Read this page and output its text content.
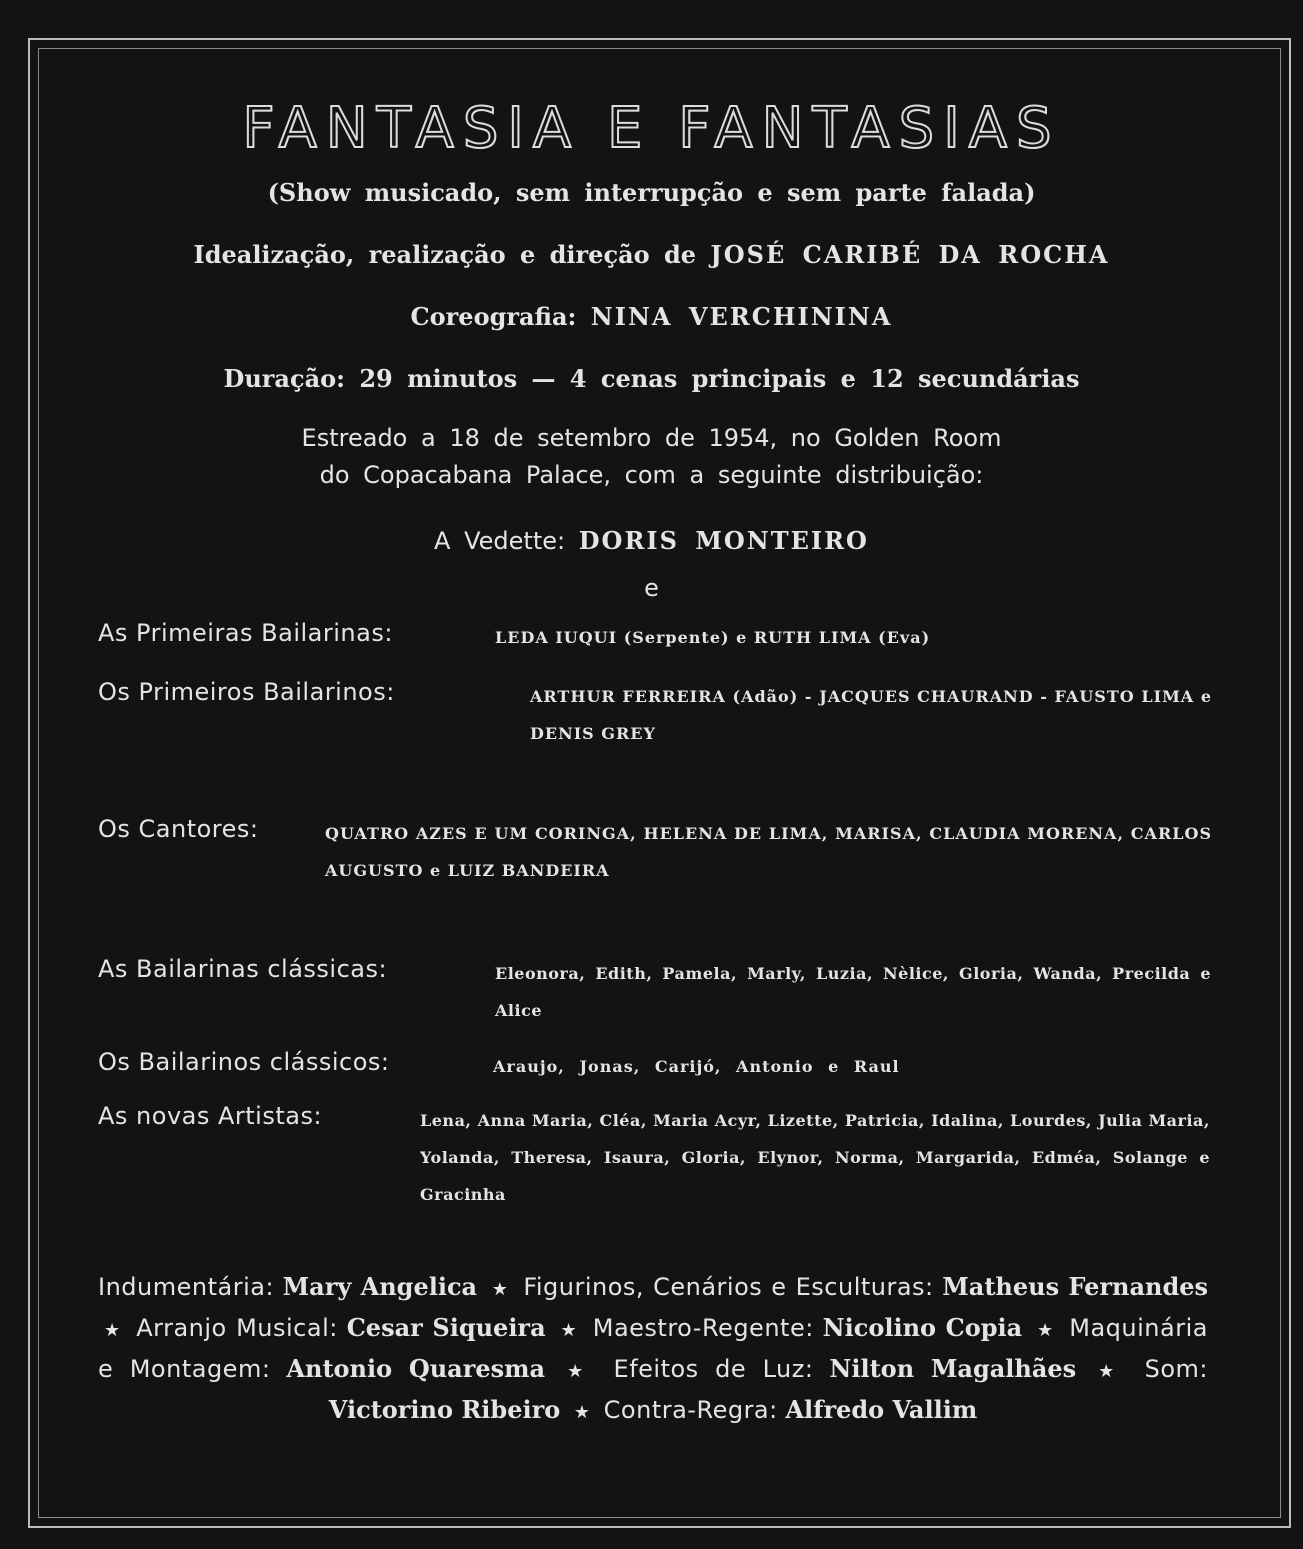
FANTASIA E FANTASIAS
(Show musicado, sem interrupção e sem parte falada)
Idealização, realização e direção de JOSÉ CARIBÉ DA ROCHA
Coreografia: NINA VERCHININA
Duração: 29 minutos — 4 cenas principais e 12 secundárias
Estreado a 18 de setembro de 1954, no Golden Room
do Copacabana Palace, com a seguinte distribuição:
A Vedette: DORIS MONTEIRO
e
As Primeiras Bailarinas:	LEDA IUQUI (Serpente) e RUTH LIMA (Eva)
Os Primeiros Bailarinos:	ARTHUR FERREIRA (Adão) - JACQUES CHAURAND - FAUSTO LIMA e DENIS GREY
Os Cantores:	QUATRO AZES E UM CORINGA, HELENA DE LIMA, MARISA, CLAUDIA MORENA, CARLOS AUGUSTO e LUIZ BANDEIRA
As Bailarinas clássicas:	Eleonora, Edith, Pamela, Marly, Luzia, Nèlice, Gloria, Wanda, Precilda e Alice
Os Bailarinos clássicos:	Araujo, Jonas, Carijó, Antonio e Raul
As novas Artistas:	Lena, Anna Maria, Cléa, Maria Acyr, Lizette, Patricia, Idalina, Lourdes, Julia Maria, Yolanda, Theresa, Isaura, Gloria, Elynor, Norma, Margarida, Edméa, Solange e Gracinha
Indumentária: Mary Angelica ★ Figurinos, Cenários e Esculturas: Matheus Fernandes ★ Arranjo Musical: Cesar Siqueira ★ Maestro-Regente: Nicolino Copia ★ Maquinária e Montagem: Antonio Quaresma ★ Efeitos de Luz: Nilton Magalhães ★ Som: Victorino Ribeiro ★ Contra-Regra: Alfredo Vallim
